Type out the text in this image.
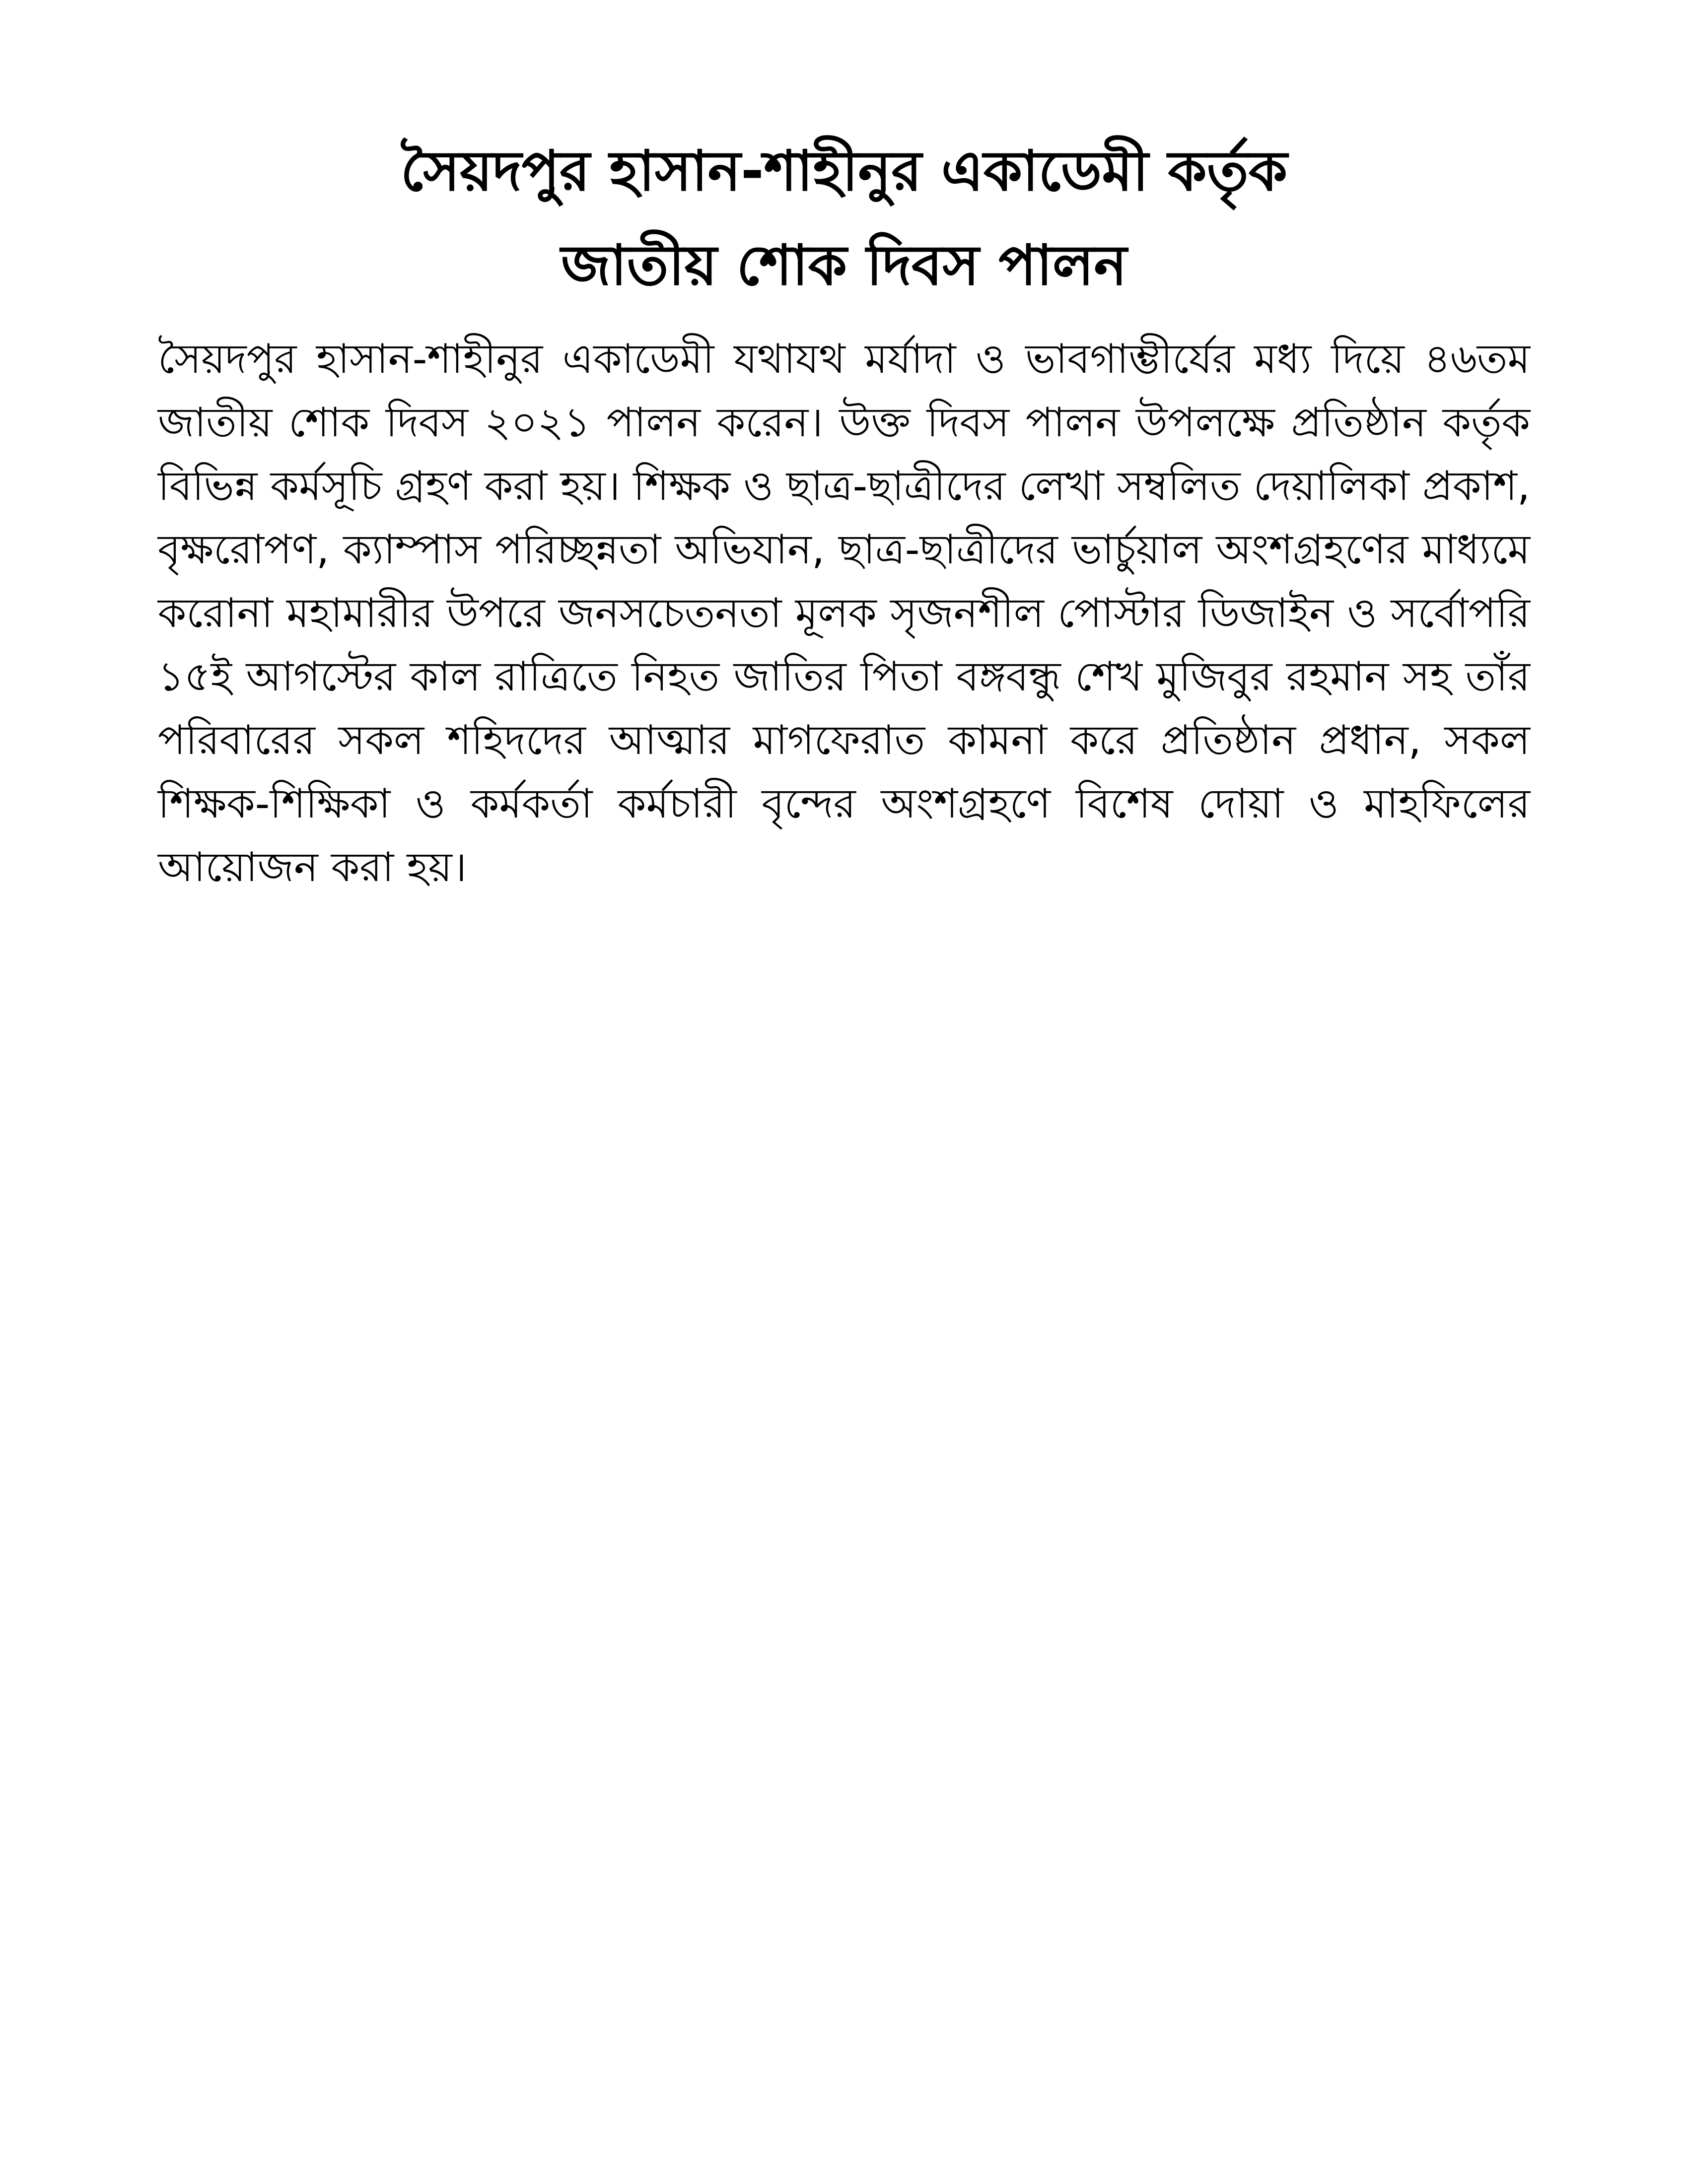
সৈয়দপুর হাসান-শাহীনুর একাডেমী কর্তৃক
জাতীয় শোক দিবস পালন

সৈয়দপুর হাসান-শাহীনুর একাডেমী যথাযথ মর্যাদা ও ভাবগাম্ভীর্যের মধ্য দিয়ে ৪৬তম জাতীয় শোক দিবস ২০২১ পালন করেন। উক্ত দিবস পালন উপলক্ষে প্রতিষ্ঠান কর্তৃক বিভিন্ন কর্মসূচি গ্রহণ করা হয়। শিক্ষক ও ছাত্র-ছাত্রীদের লেখা সম্বলিত দেয়ালিকা প্রকাশ, বৃক্ষরোপণ, ক্যাম্পাস পরিচ্ছন্নতা অভিযান, ছাত্র-ছাত্রীদের ভার্চুয়াল অংশগ্রহণের মাধ্যমে করোনা মহামারীর উপরে জনসচেতনতা মূলক সৃজনশীল পোস্টার ডিজাইন ও সর্বোপরি ১৫ই আগস্টের কাল রাত্রিতে নিহত জাতির পিতা বঙ্গবন্ধু শেখ মুজিবুর রহমান সহ তাঁর পরিবারের সকল শহিদদের আত্মার মাগফেরাত কামনা করে প্রতিষ্ঠান প্রধান, সকল শিক্ষক-শিক্ষিকা ও কর্মকর্তা কর্মচারী বৃন্দের অংশগ্রহণে বিশেষ দোয়া ও মাহফিলের আয়োজন করা হয়।
